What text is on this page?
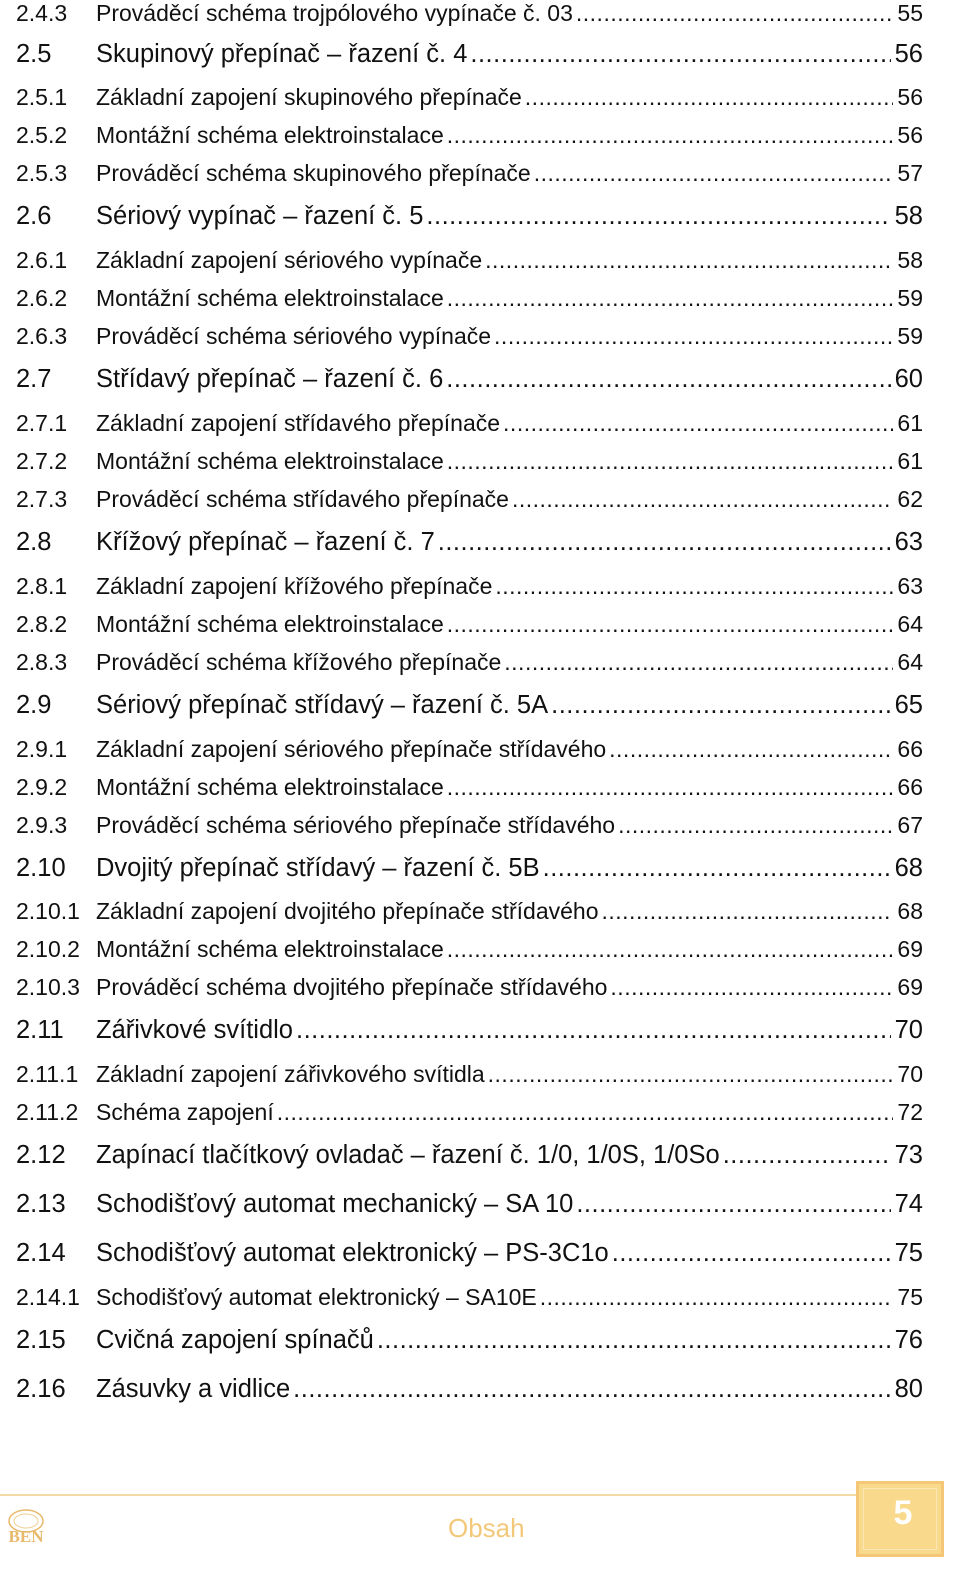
2.4.3	Prováděcí schéma trojpólového vypínače č. 03 .....	55
2.5	Skupinový přepínač – řazení č. 4 .....	56
2.5.1	Základní zapojení skupinového přepínače .....	56
2.5.2	Montážní schéma elektroinstalace .....	56
2.5.3	Prováděcí schéma skupinového přepínače .....	57
2.6	Sériový vypínač – řazení č. 5 .....	58
2.6.1	Základní zapojení sériového vypínače .....	58
2.6.2	Montážní schéma elektroinstalace .....	59
2.6.3	Prováděcí schéma sériového vypínače .....	59
2.7	Střídavý přepínač – řazení č. 6 .....	60
2.7.1	Základní zapojení střídavého přepínače .....	61
2.7.2	Montážní schéma elektroinstalace .....	61
2.7.3	Prováděcí schéma střídavého přepínače .....	62
2.8	Křížový přepínač – řazení č. 7 .....	63
2.8.1	Základní zapojení křížového přepínače .....	63
2.8.2	Montážní schéma elektroinstalace .....	64
2.8.3	Prováděcí schéma křížového přepínače .....	64
2.9	Sériový přepínač střídavý – řazení č. 5A .....	65
2.9.1	Základní zapojení sériového přepínače střídavého .....	66
2.9.2	Montážní schéma elektroinstalace .....	66
2.9.3	Prováděcí schéma sériového přepínače střídavého .....	67
2.10	Dvojitý přepínač střídavý – řazení č. 5B .....	68
2.10.1 Základní zapojení dvojitého přepínače střídavého .....	68
2.10.2 Montážní schéma elektroinstalace .....	69
2.10.3 Prováděcí schéma dvojitého přepínače střídavého .....	69
2.11	Zářivkové svítidlo .....	70
2.11.1 Základní zapojení zářivkového svítidla .....	70
2.11.2 Schéma zapojení .....	72
2.12	Zapínací tlačítkový ovladač – řazení č. 1/0, 1/0S, 1/0So .....	73
2.13	Schodišťový automat mechanický – SA 10 .....	74
2.14	Schodišťový automat elektronický – PS-3C1o .....	75
2.14.1 Schodišťový automat elektronický – SA10E .....	75
2.15	Cvičná zapojení spínačů .....	76
2.16	Zásuvky a vidlice .....	80
BEN	Obsah	5
